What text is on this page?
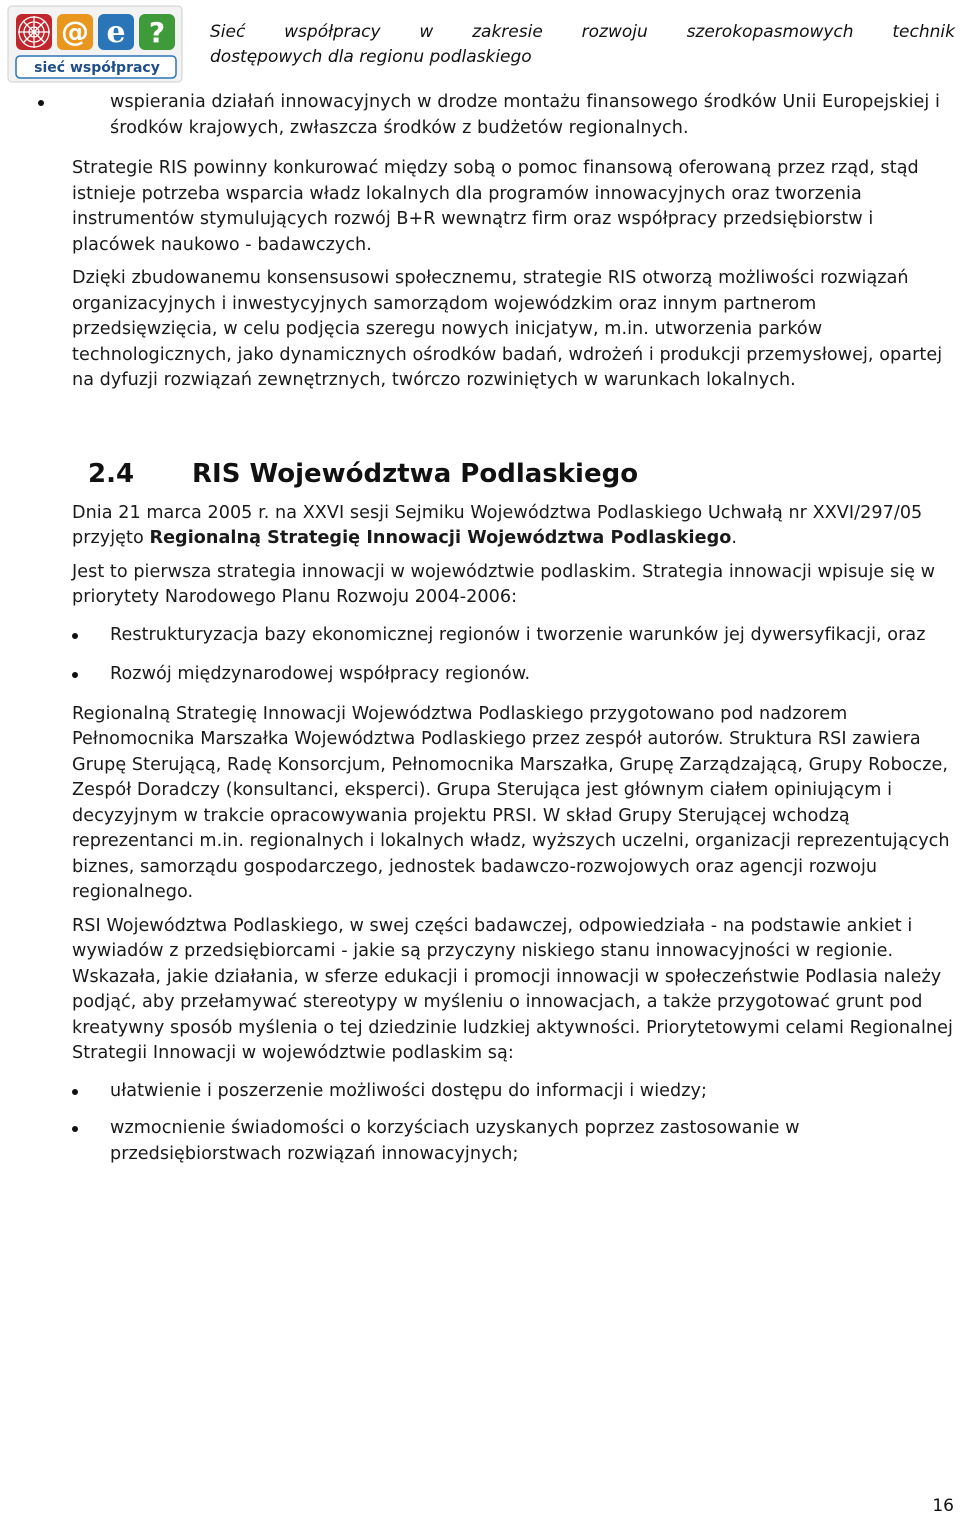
@ e ?
sieć współpracy
Sieć współpracy w zakresie rozwoju szerokopasmowych technik
dostępowych dla regionu podlaskiego
wspierania działań innowacyjnych w drodze montażu finansowego środków Unii Europejskiej i środków krajowych, zwłaszcza środków z budżetów regionalnych.

Strategie RIS powinny konkurować między sobą o pomoc finansową oferowaną przez rząd, stąd istnieje potrzeba wsparcia władz lokalnych dla programów innowacyjnych oraz tworzenia instrumentów stymulujących rozwój B+R wewnątrz firm oraz współpracy przedsiębiorstw i placówek naukowo - badawczych.

Dzięki zbudowanemu konsensusowi społecznemu, strategie RIS otworzą możliwości rozwiązań organizacyjnych i inwestycyjnych samorządom wojewódzkim oraz innym partnerom przedsięwzięcia, w celu podjęcia szeregu nowych inicjatyw, m.in. utworzenia parków technologicznych, jako dynamicznych ośrodków badań, wdrożeń i produkcji przemysłowej, opartej na dyfuzji rozwiązań zewnętrznych, twórczo rozwiniętych w warunkach lokalnych.

2.4	RIS Województwa Podlaskiego

Dnia 21 marca 2005 r. na XXVI sesji Sejmiku Województwa Podlaskiego Uchwałą nr XXVI/297/05 przyjęto Regionalną Strategię Innowacji Województwa Podlaskiego.

Jest to pierwsza strategia innowacji w województwie podlaskim. Strategia innowacji wpisuje się w priorytety Narodowego Planu Rozwoju 2004-2006:

Restrukturyzacja bazy ekonomicznej regionów i tworzenie warunków jej dywersyfikacji, oraz
Rozwój międzynarodowej współpracy regionów.

Regionalną Strategię Innowacji Województwa Podlaskiego przygotowano pod nadzorem Pełnomocnika Marszałka Województwa Podlaskiego przez zespół autorów. Struktura RSI zawiera Grupę Sterującą, Radę Konsorcjum, Pełnomocnika Marszałka, Grupę Zarządzającą, Grupy Robocze, Zespół Doradczy (konsultanci, eksperci). Grupa Sterująca jest głównym ciałem opiniującym i decyzyjnym w trakcie opracowywania projektu PRSI. W skład Grupy Sterującej wchodzą reprezentanci m.in. regionalnych i lokalnych władz, wyższych uczelni, organizacji reprezentujących biznes, samorządu gospodarczego, jednostek badawczo-rozwojowych oraz agencji rozwoju regionalnego.

RSI Województwa Podlaskiego, w swej części badawczej, odpowiedziała - na podstawie ankiet i wywiadów z przedsiębiorcami - jakie są przyczyny niskiego stanu innowacyjności w regionie. Wskazała, jakie działania, w sferze edukacji i promocji innowacji w społeczeństwie Podlasia należy podjąć, aby przełamywać stereotypy w myśleniu o innowacjach, a także przygotować grunt pod kreatywny sposób myślenia o tej dziedzinie ludzkiej aktywności. Priorytetowymi celami Regionalnej Strategii Innowacji w województwie podlaskim są:

ułatwienie i poszerzenie możliwości dostępu do informacji i wiedzy;
wzmocnienie świadomości o korzyściach uzyskanych poprzez zastosowanie w przedsiębiorstwach rozwiązań innowacyjnych;
16
